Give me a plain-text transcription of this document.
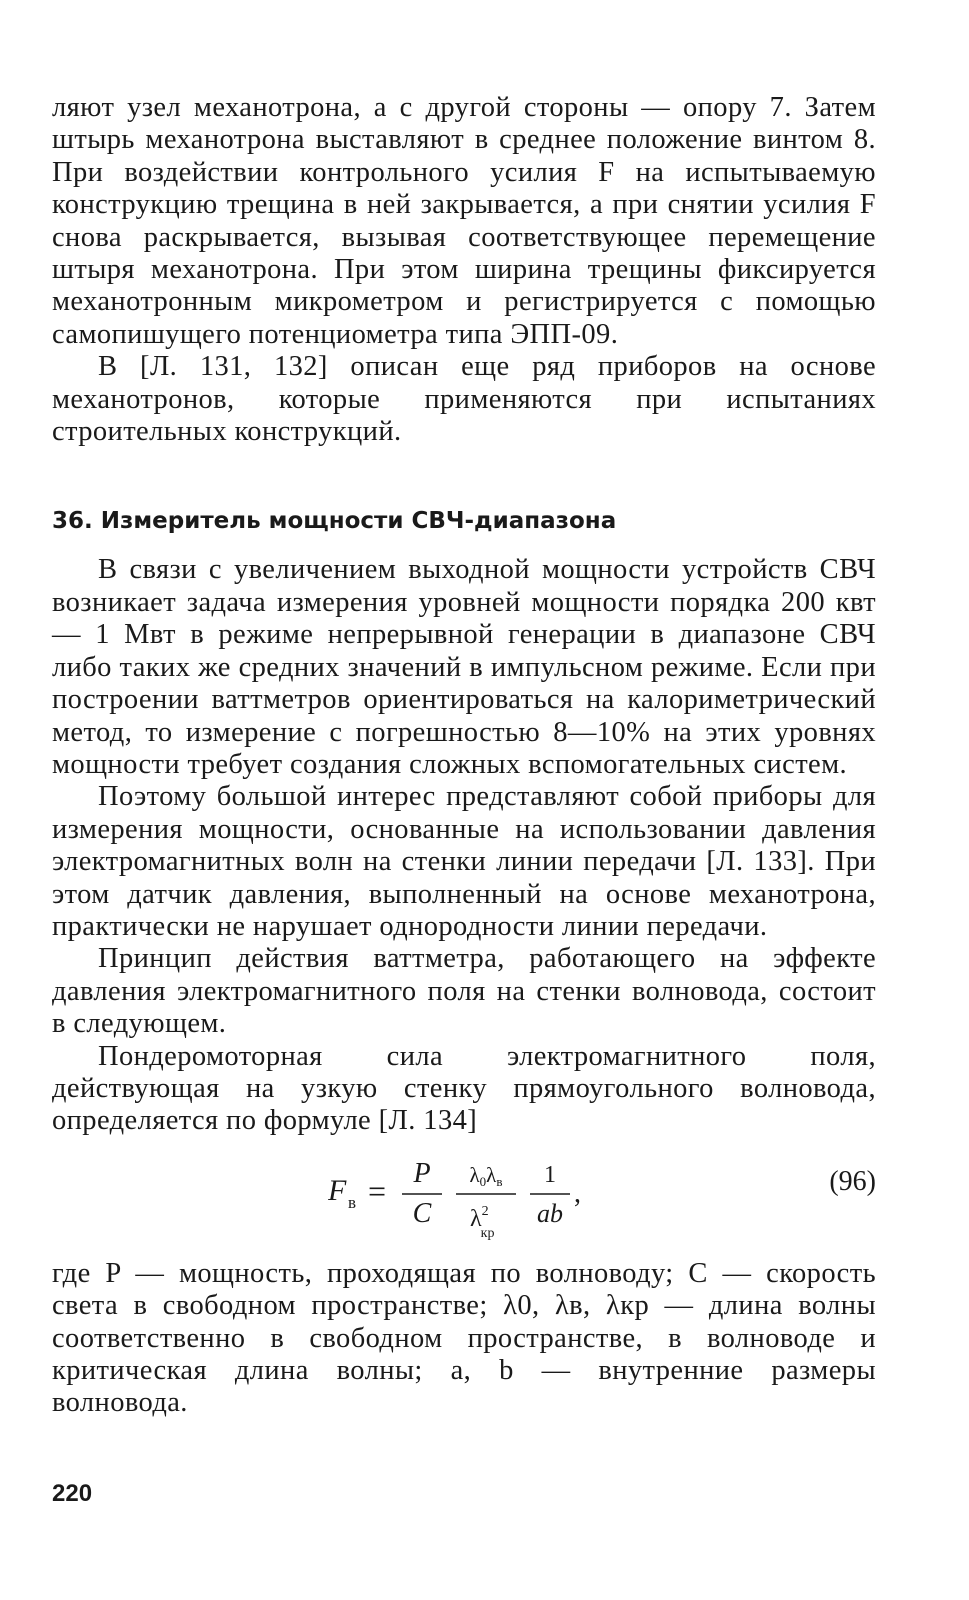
ляют узел механотрона, а с другой стороны — опору 7. Затем штырь механотрона выставляют в среднее положение винтом 8. При воздействии контрольного усилия F на испытываемую конструкцию трещина в ней закрывается, а при снятии усилия F снова раскрывается, вызывая соответствующее перемещение штыря механотрона. При этом ширина трещины фиксируется механотронным микрометром и регистрируется с помощью самопишущего потенциометра типа ЭПП-09.

В [Л. 131, 132] описан еще ряд приборов на основе механотронов, которые применяются при испытаниях строительных конструкций.

36. Измеритель мощности СВЧ-диапазона

В связи с увеличением выходной мощности устройств СВЧ возникает задача измерения уровней мощности порядка 200 квт — 1 Мвт в режиме непрерывной генерации в диапазоне СВЧ либо таких же средних значений в импульсном режиме. Если при построении ваттметров ориентироваться на калориметрический метод, то измерение с погрешностью 8—10% на этих уровнях мощности требует создания сложных вспомогательных систем.

Поэтому большой интерес представляют собой приборы для измерения мощности, основанные на использовании давления электромагнитных волн на стенки линии передачи [Л. 133]. При этом датчик давления, выполненный на основе механотрона, практически не нарушает однородности линии передачи.

Принцип действия ваттметра, работающего на эффекте давления электромагнитного поля на стенки волновода, состоит в следующем.

Пондеромоторная сила электромагнитного поля, действующая на узкую стенку прямоугольного волновода, определяется по формуле [Л. 134]

F в = P
C
λ0λв
$\lambda^2$ кр
1
ab
,	(96)

где P — мощность, проходящая по волноводу; C — скорость света в свободном пространстве; λ0, λв, λкр — длина волны соответственно в свободном пространстве, в волноводе и критическая длина волны; a, b — внутренние размеры волновода.

220
